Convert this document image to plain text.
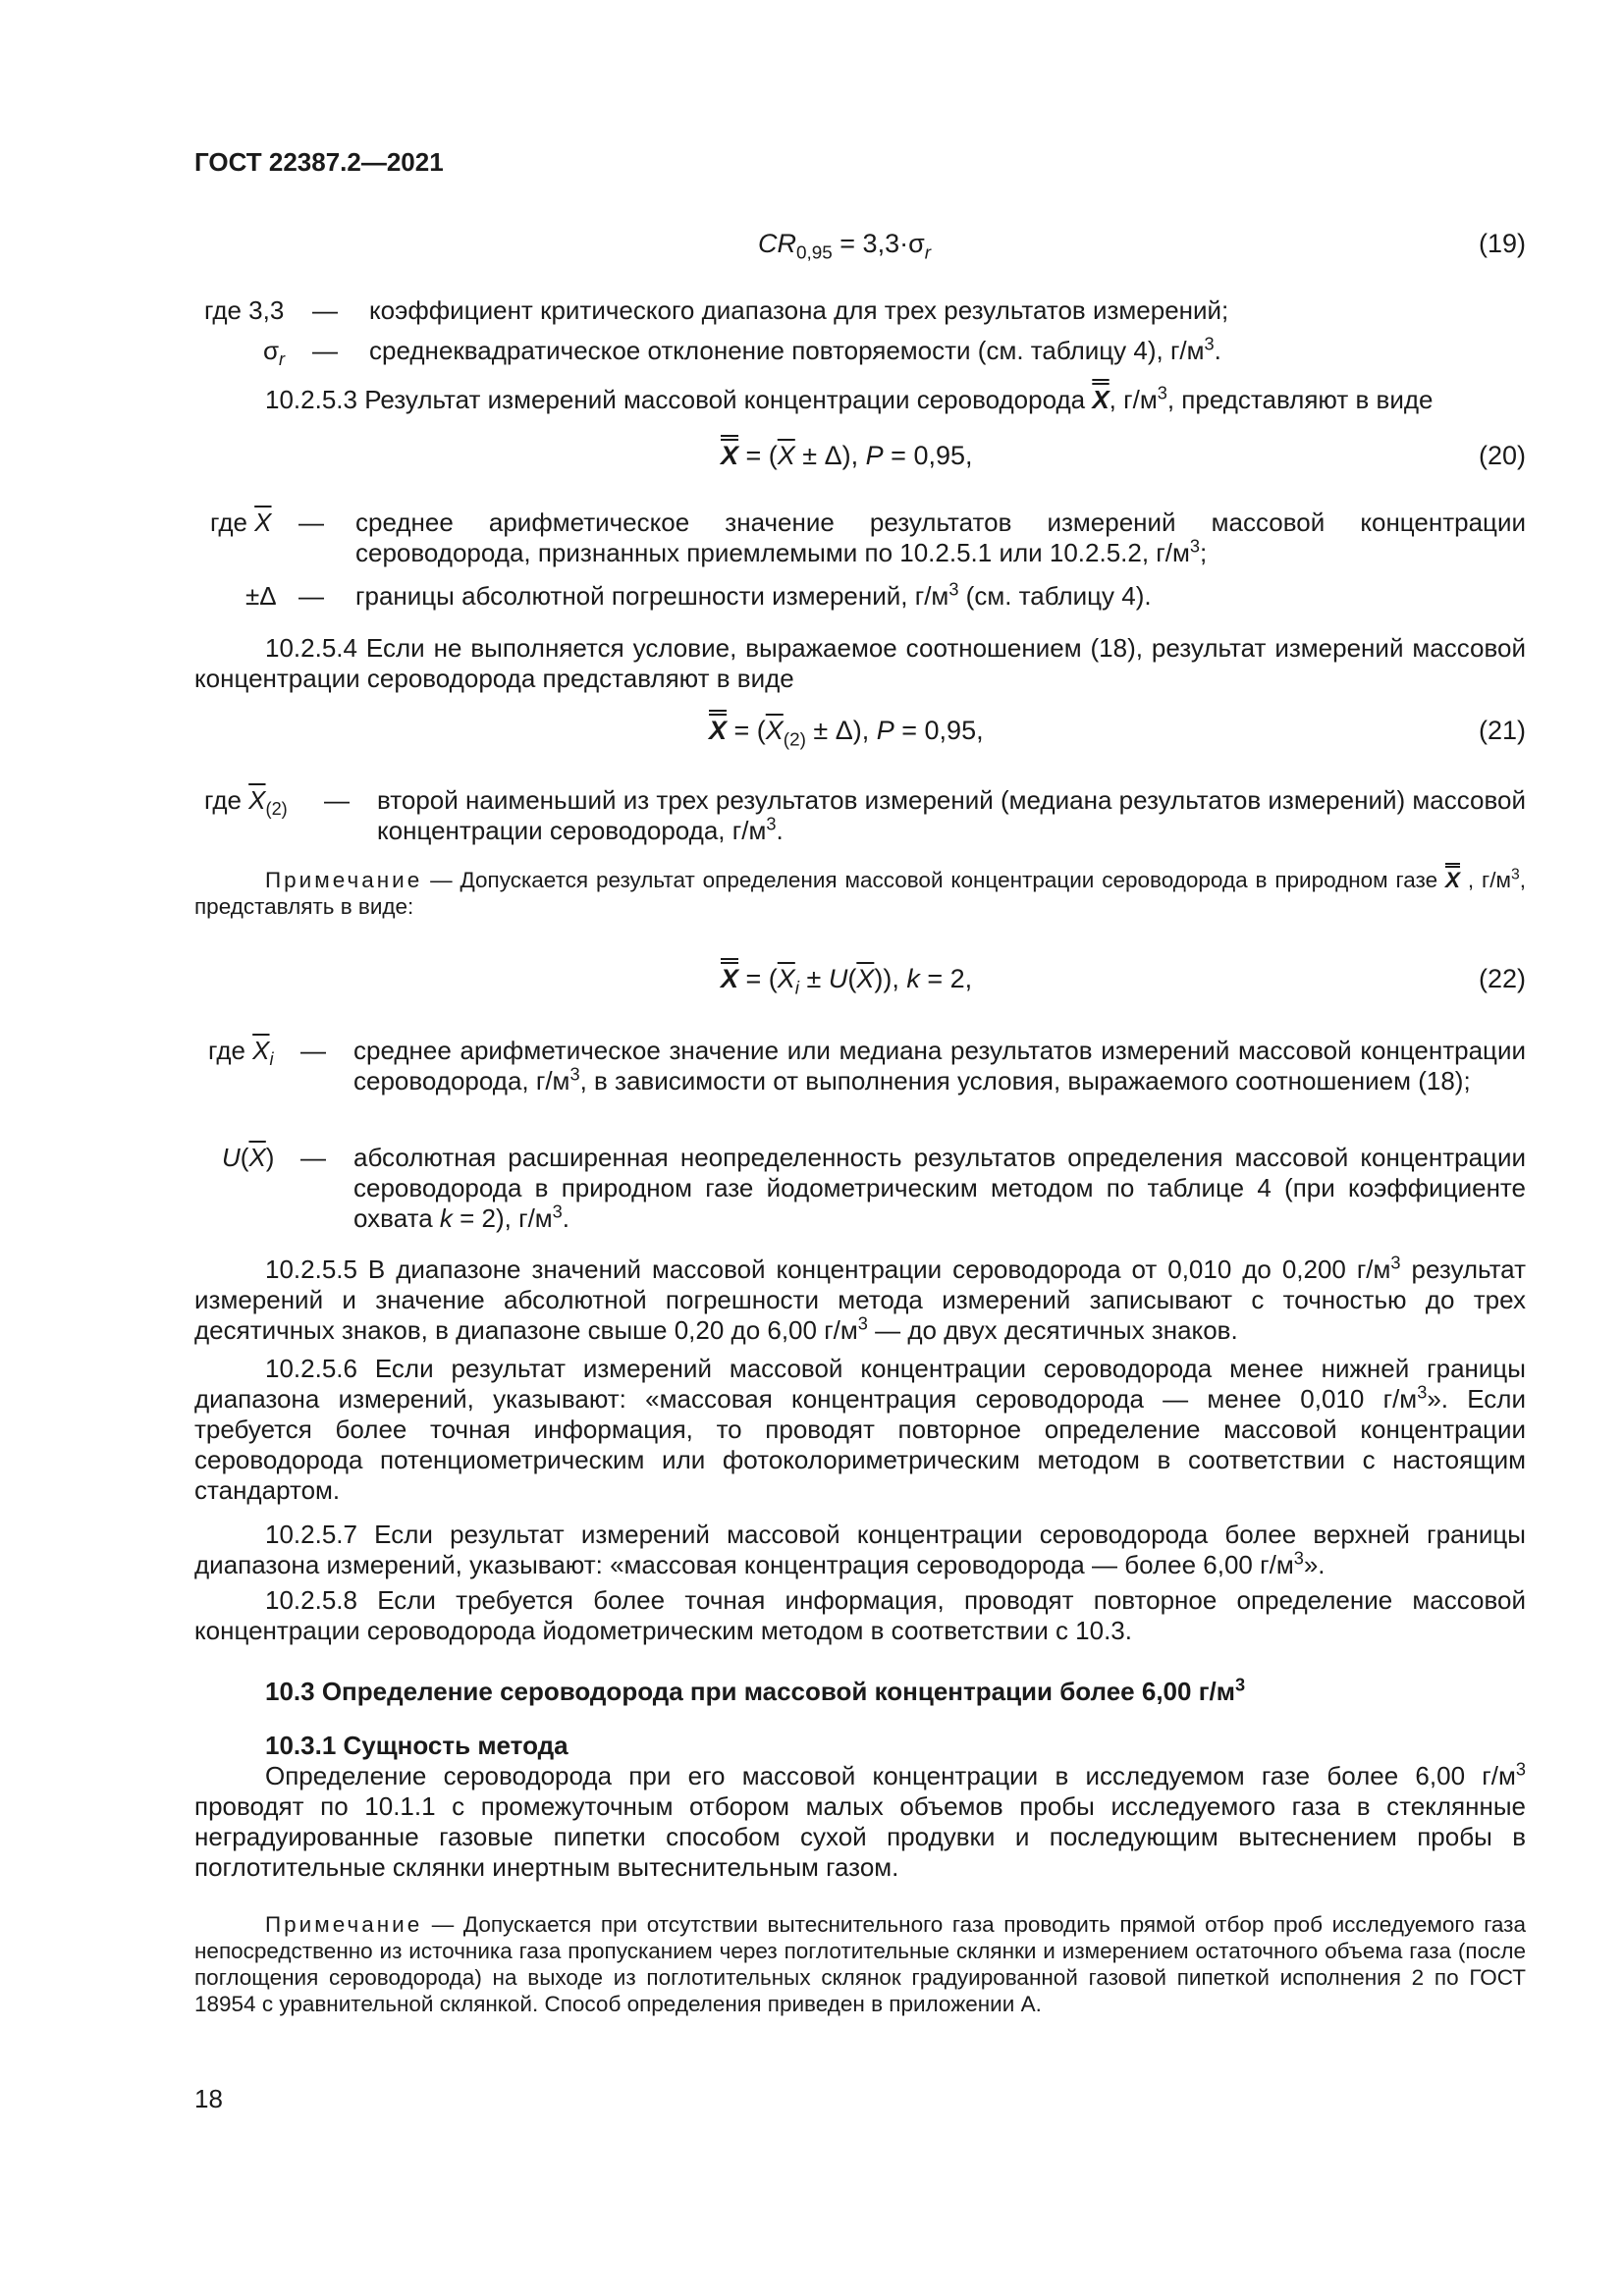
ГОСТ 22387.2—2021
$CR_{0,95} = 3,3\cdot\sigma_r$	(19)
где 3,3 — коэффициент критического диапазона для трех результатов измерений;
$\sigma_r$ — среднеквадратическое отклонение повторяемости (см. таблицу 4), $г/м^3$.
10.2.5.3 Результат измерений массовой концентрации сероводорода X, $г/м^3$, представляют в виде
$X = (\overline{X} \pm \Delta)$, P = 0,95,	(20)
где $\overline{X}$ — среднее арифметическое значение результатов измерений массовой концентрации сероводорода, признанных приемлемыми по 10.2.5.1 или 10.2.5.2, $г/м^3$;
±Δ — границы абсолютной погрешности измерений, $г/м^3$ (см. таблицу 4).
10.2.5.4 Если не выполняется условие, выражаемое соотношением (18), результат измерений массовой концентрации сероводорода представляют в виде
$X = (\overline{X}_{(2)} \pm \Delta)$, P = 0,95,	(21)
где $\overline{X}_{(2)}$ — второй наименьший из трех результатов измерений (медиана результатов измерений) массовой концентрации сероводорода, $г/м^3$.
Примечание — Допускается результат определения массовой концентрации сероводорода в природном газе X , $г/м^3$, представлять в виде:
$X = (\overline{X}_i \pm U(\overline{X}))$, k = 2,	(22)
где $\overline{X}_i$ — среднее арифметическое значение или медиана результатов измерений массовой концентрации сероводорода, $г/м^3$, в зависимости от выполнения условия, выражаемого соотношением (18);
$U(\overline{X})$ — абсолютная расширенная неопределенность результатов определения массовой концентрации сероводорода в природном газе йодометрическим методом по таблице 4 (при коэффициенте охвата k = 2), $г/м^3$.
10.2.5.5 В диапазоне значений массовой концентрации сероводорода от 0,010 до 0,200 $г/м^3$ результат измерений и значение абсолютной погрешности метода измерений записывают с точностью до трех десятичных знаков, в диапазоне свыше 0,20 до 6,00 $г/м^3$ — до двух десятичных знаков.
10.2.5.6 Если результат измерений массовой концентрации сероводорода менее нижней границы диапазона измерений, указывают: «массовая концентрация сероводорода — менее 0,010 $г/м^3$». Если требуется более точная информация, то проводят повторное определение массовой концентрации сероводорода потенциометрическим или фотоколориметрическим методом в соответствии с настоящим стандартом.
10.2.5.7 Если результат измерений массовой концентрации сероводорода более верхней границы диапазона измерений, указывают: «массовая концентрация сероводорода — более 6,00 $г/м^3$».
10.2.5.8 Если требуется более точная информация, проводят повторное определение массовой концентрации сероводорода йодометрическим методом в соответствии с 10.3.
10.3 Определение сероводорода при массовой концентрации более 6,00 $г/м^3$
10.3.1 Сущность метода
Определение сероводорода при его массовой концентрации в исследуемом газе более 6,00 $г/м^3$ проводят по 10.1.1 с промежуточным отбором малых объемов пробы исследуемого газа в стеклянные неградуированные газовые пипетки способом сухой продувки и последующим вытеснением пробы в поглотительные склянки инертным вытеснительным газом.
Примечание — Допускается при отсутствии вытеснительного газа проводить прямой отбор проб исследуемого газа непосредственно из источника газа пропусканием через поглотительные склянки и измерением остаточного объема газа (после поглощения сероводорода) на выходе из поглотительных склянок градуированной газовой пипеткой исполнения 2 по ГОСТ 18954 с уравнительной склянкой. Способ определения приведен в приложении А.
18
